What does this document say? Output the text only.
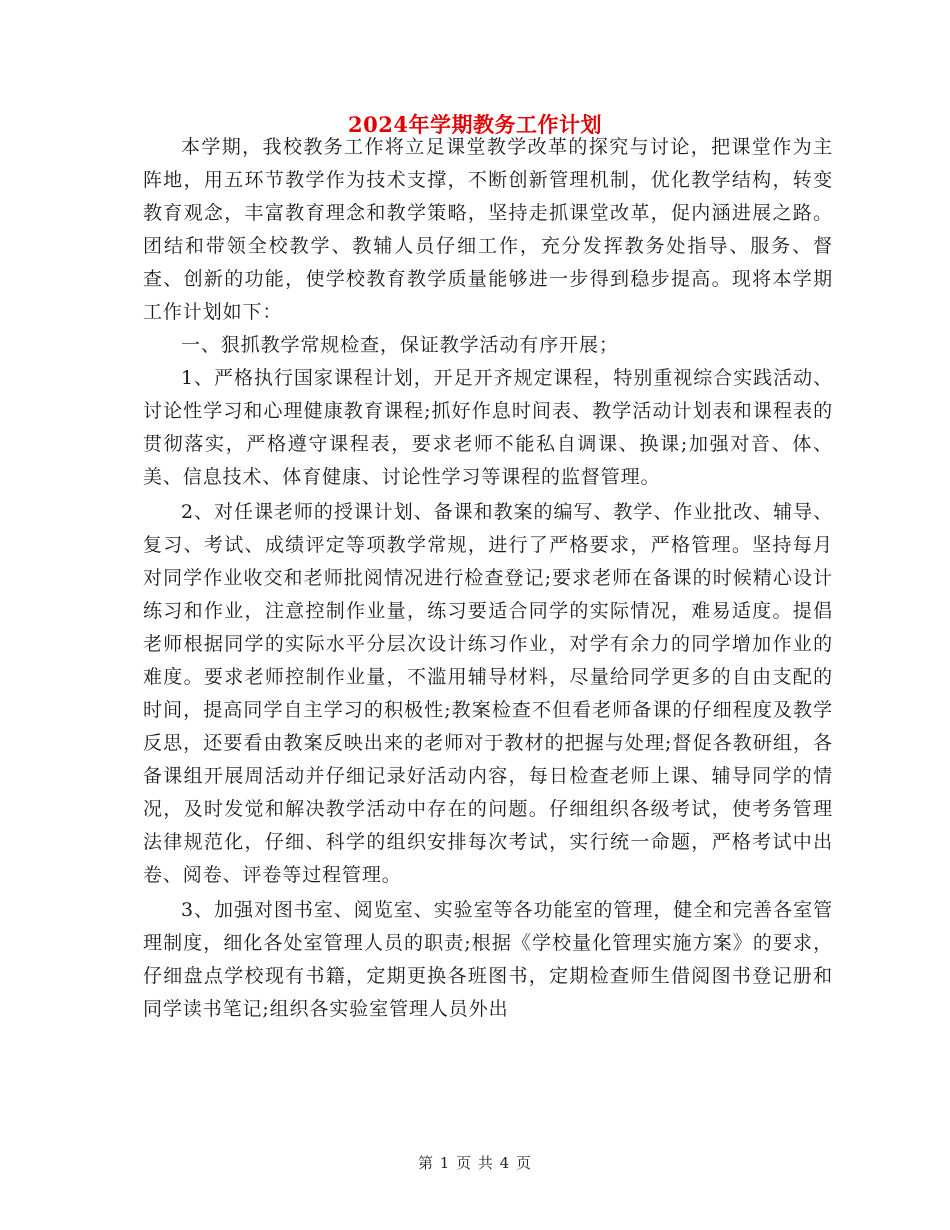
2024年学期教务工作计划

本学期，我校教务工作将立足课堂教学改革的探究与讨论，把课堂作为主阵地，用五环节教学作为技术支撑，不断创新管理机制，优化教学结构，转变教育观念，丰富教育理念和教学策略，坚持走抓课堂改革，促内涵进展之路。团结和带领全校教学、教辅人员仔细工作，充分发挥教务处指导、服务、督查、创新的功能，使学校教育教学质量能够进一步得到稳步提高。现将本学期工作计划如下：

一、狠抓教学常规检查，保证教学活动有序开展；

1、严格执行国家课程计划，开足开齐规定课程，特别重视综合实践活动、讨论性学习和心理健康教育课程;抓好作息时间表、教学活动计划表和课程表的贯彻落实，严格遵守课程表，要求老师不能私自调课、换课;加强对音、体、美、信息技术、体育健康、讨论性学习等课程的监督管理。

2、对任课老师的授课计划、备课和教案的编写、教学、作业批改、辅导、复习、考试、成绩评定等项教学常规，进行了严格要求，严格管理。坚持每月对同学作业收交和老师批阅情况进行检查登记;要求老师在备课的时候精心设计练习和作业，注意控制作业量，练习要适合同学的实际情况，难易适度。提倡老师根据同学的实际水平分层次设计练习作业，对学有余力的同学增加作业的难度。要求老师控制作业量，不滥用辅导材料，尽量给同学更多的自由支配的时间，提高同学自主学习的积极性;教案检查不但看老师备课的仔细程度及教学反思，还要看由教案反映出来的老师对于教材的把握与处理;督促各教研组，各备课组开展周活动并仔细记录好活动内容，每日检查老师上课、辅导同学的情况，及时发觉和解决教学活动中存在的问题。仔细组织各级考试，使考务管理法律规范化，仔细、科学的组织安排每次考试，实行统一命题，严格考试中出卷、阅卷、评卷等过程管理。

3、加强对图书室、阅览室、实验室等各功能室的管理，健全和完善各室管理制度，细化各处室管理人员的职责;根据《学校量化管理实施方案》的要求，仔细盘点学校现有书籍，定期更换各班图书，定期检查师生借阅图书登记册和同学读书笔记;组织各实验室管理人员外出

第 1 页 共 4 页
